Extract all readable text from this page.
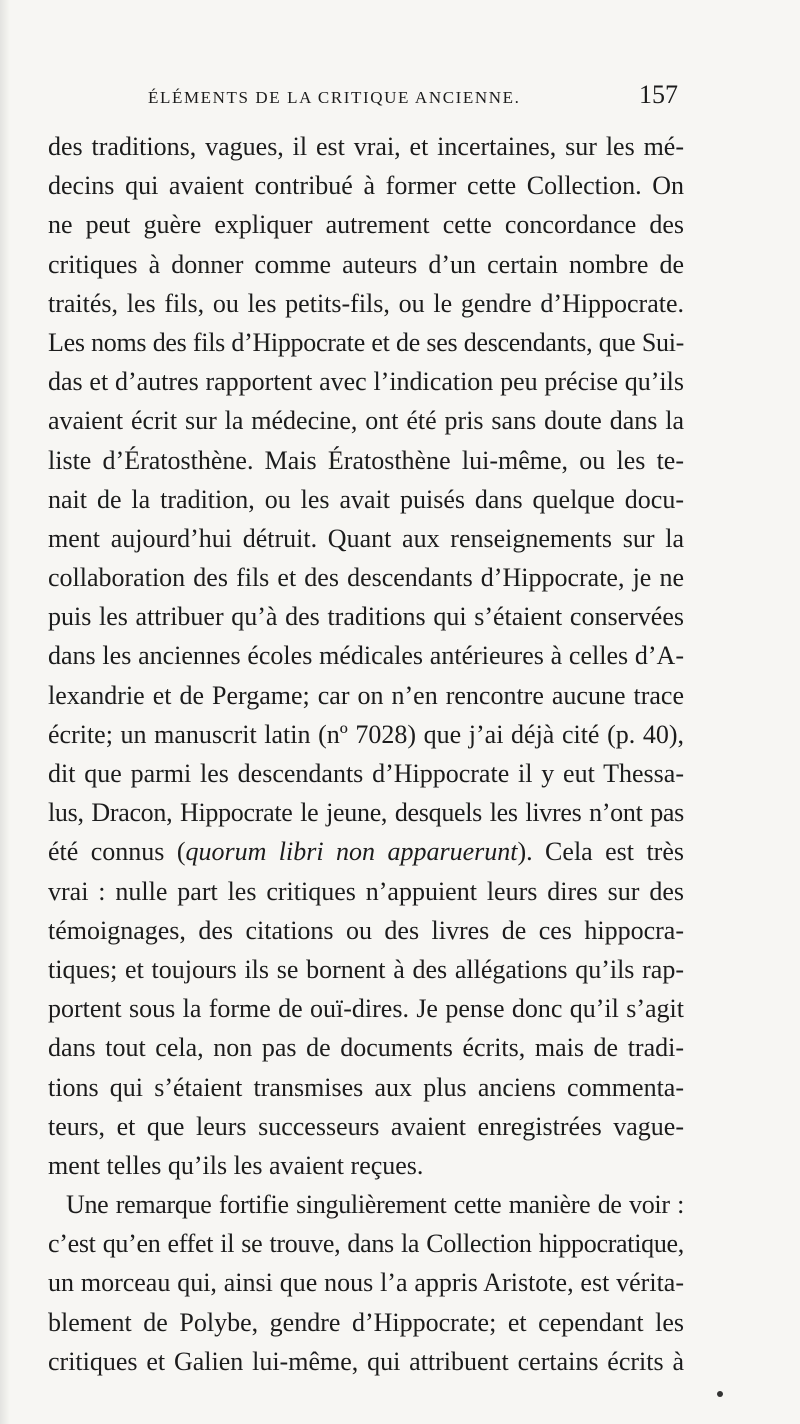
ÉLÉMENTS DE LA CRITIQUE ANCIENNE.	157
des traditions, vagues, il est vrai, et incertaines, sur les mé-
decins qui avaient contribué à former cette Collection. On
ne peut guère expliquer autrement cette concordance des
critiques à donner comme auteurs d’un certain nombre de
traités, les fils, ou les petits-fils, ou le gendre d’Hippocrate.
Les noms des fils d’Hippocrate et de ses descendants, que Sui-
das et d’autres rapportent avec l’indication peu précise qu’ils
avaient écrit sur la médecine, ont été pris sans doute dans la
liste d’Ératosthène. Mais Ératosthène lui-même, ou les te-
nait de la tradition, ou les avait puisés dans quelque docu-
ment aujourd’hui détruit. Quant aux renseignements sur la
collaboration des fils et des descendants d’Hippocrate, je ne
puis les attribuer qu’à des traditions qui s’étaient conservées
dans les anciennes écoles médicales antérieures à celles d’A-
lexandrie et de Pergame; car on n’en rencontre aucune trace
écrite; un manuscrit latin (nº 7028) que j’ai déjà cité (p. 40),
dit que parmi les descendants d’Hippocrate il y eut Thessa-
lus, Dracon, Hippocrate le jeune, desquels les livres n’ont pas
été connus (quorum libri non apparuerunt). Cela est très
vrai : nulle part les critiques n’appuient leurs dires sur des
témoignages, des citations ou des livres de ces hippocra-
tiques; et toujours ils se bornent à des allégations qu’ils rap-
portent sous la forme de ouï-dires. Je pense donc qu’il s’agit
dans tout cela, non pas de documents écrits, mais de tradi-
tions qui s’étaient transmises aux plus anciens commenta-
teurs, et que leurs successeurs avaient enregistrées vague-
ment telles qu’ils les avaient reçues.
Une remarque fortifie singulièrement cette manière de voir :
c’est qu’en effet il se trouve, dans la Collection hippocratique,
un morceau qui, ainsi que nous l’a appris Aristote, est vérita-
blement de Polybe, gendre d’Hippocrate; et cependant les
critiques et Galien lui-même, qui attribuent certains écrits à
